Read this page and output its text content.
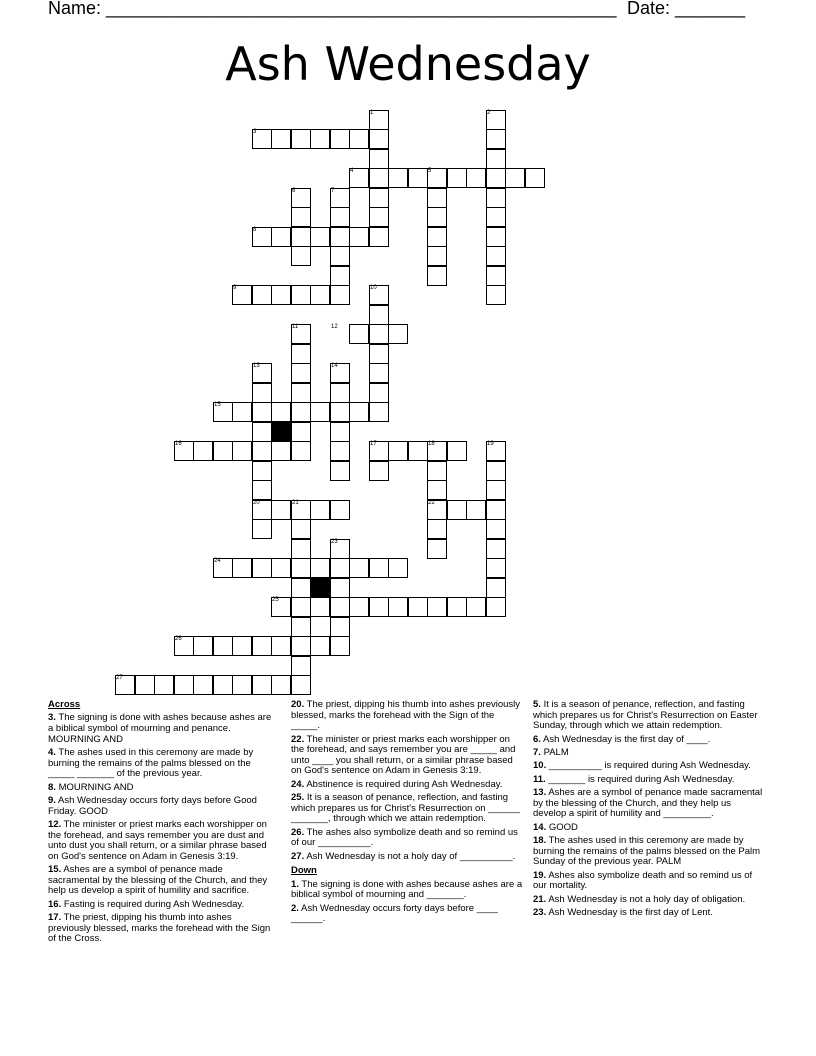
Name: ___________________________________________________ Date: _______
Ash Wednesday
1	2
3
4	5
6	7
8
9	10
11	12
13	14
15
16	17	18	19
20	21	22
23
24
25
26
27

Across

3. The signing is done with ashes because ashes are a biblical symbol of mourning and penance. MOURNING AND

4. The ashes used in this ceremony are made by burning the remains of the palms blessed on the _____ _______ of the previous year.

8. MOURNING AND

9. Ash Wednesday occurs forty days before Good Friday. GOOD

12. The minister or priest marks each worshipper on the forehead, and says remember you are dust and unto dust you shall return, or a similar phrase based on God's sentence on Adam in Genesis 3:19.

15. Ashes are a symbol of penance made sacramental by the blessing of the Church, and they help us develop a spirit of humility and sacrifice.

16. Fasting is required during Ash Wednesday.

17. The priest, dipping his thumb into ashes previously blessed, marks the forehead with the Sign of the Cross.

20. The priest, dipping his thumb into ashes previously blessed, marks the forehead with the Sign of the _____.

22. The minister or priest marks each worshipper on the forehead, and says remember you are _____ and unto ____ you shall return, or a similar phrase based on God's sentence on Adam in Genesis 3:19.

24. Abstinence is required during Ash Wednesday.

25. It is a season of penance, reflection, and fasting which prepares us for Christ's Resurrection on ______ _______, through which we attain redemption.

26. The ashes also symbolize death and so remind us of our __________.

27. Ash Wednesday is not a holy day of __________.

Down

1. The signing is done with ashes because ashes are a biblical symbol of mourning and _______.

2. Ash Wednesday occurs forty days before ____ ______.

5. It is a season of penance, reflection, and fasting which prepares us for Christ's Resurrection on Easter Sunday, through which we attain redemption.

6. Ash Wednesday is the first day of ____.

7. PALM

10. __________ is required during Ash Wednesday.

11. _______ is required during Ash Wednesday.

13. Ashes are a symbol of penance made sacramental by the blessing of the Church, and they help us develop a spirit of humility and _________.

14. GOOD

18. The ashes used in this ceremony are made by burning the remains of the palms blessed on the Palm Sunday of the previous year. PALM

19. Ashes also symbolize death and so remind us of our mortality.

21. Ash Wednesday is not a holy day of obligation.

23. Ash Wednesday is the first day of Lent.
